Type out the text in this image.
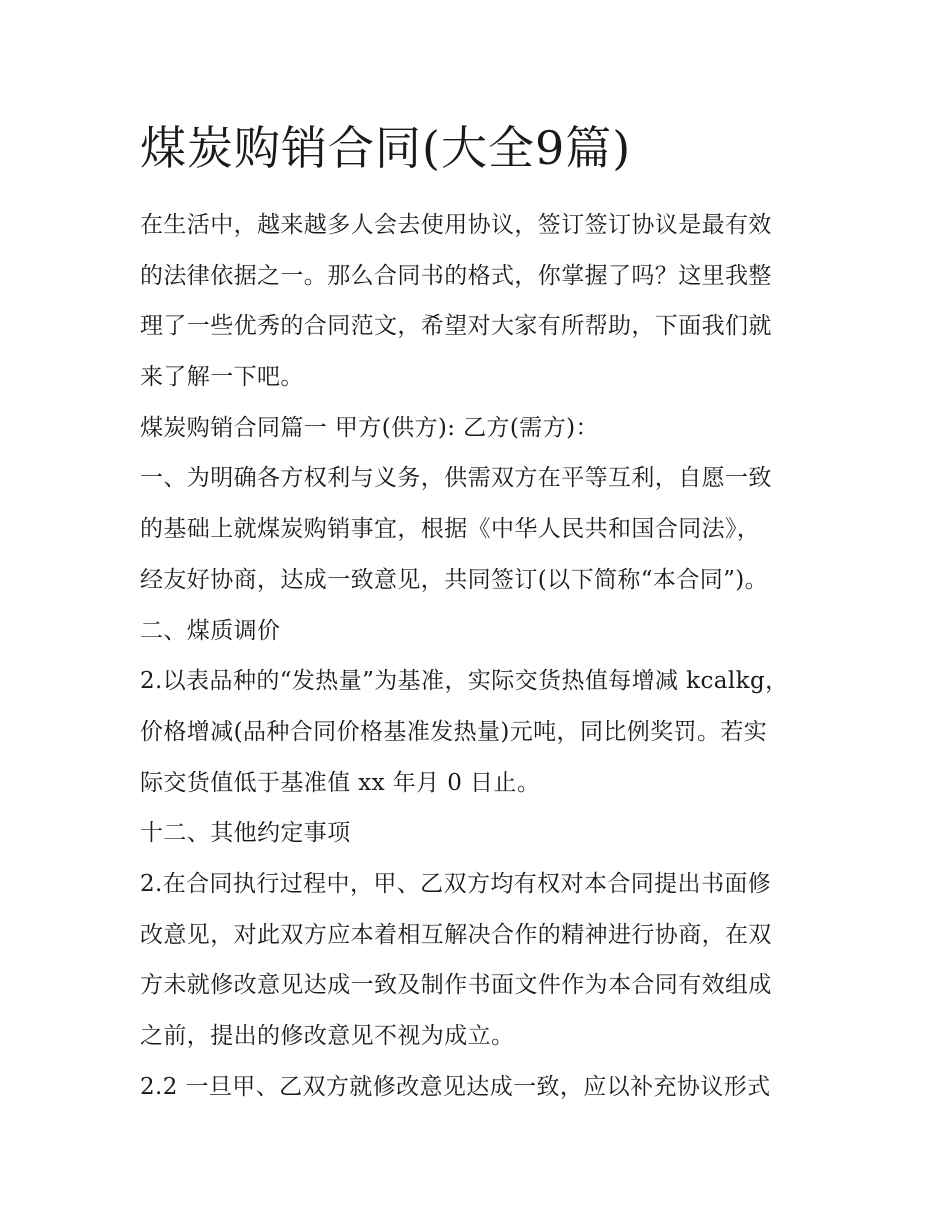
煤炭购销合同(大全9篇)

在生活中，越来越多人会去使用协议，签订签订协议是最有效
的法律依据之一。那么合同书的格式，你掌握了吗？这里我整
理了一些优秀的合同范文，希望对大家有所帮助，下面我们就
来了解一下吧。

煤炭购销合同篇一 甲方(供方): 乙方(需方)：

一、为明确各方权利与义务，供需双方在平等互利，自愿一致
的基础上就煤炭购销事宜，根据《中华人民共和国合同法》，
经友好协商，达成一致意见，共同签订(以下简称“本合同”)。

二、煤质调价

2.以表品种的“发热量”为基准，实际交货热值每增减 kcalkg，
价格增减(品种合同价格基准发热量)元吨，同比例奖罚。若实
际交货值低于基准值 xx 年月 0 日止。

十二、其他约定事项

2.在合同执行过程中，甲、乙双方均有权对本合同提出书面修
改意见，对此双方应本着相互解决合作的精神进行协商，在双
方未就修改意见达成一致及制作书面文件作为本合同有效组成
之前，提出的修改意见不视为成立。

2.2 一旦甲、乙双方就修改意见达成一致，应以补充协议形式
